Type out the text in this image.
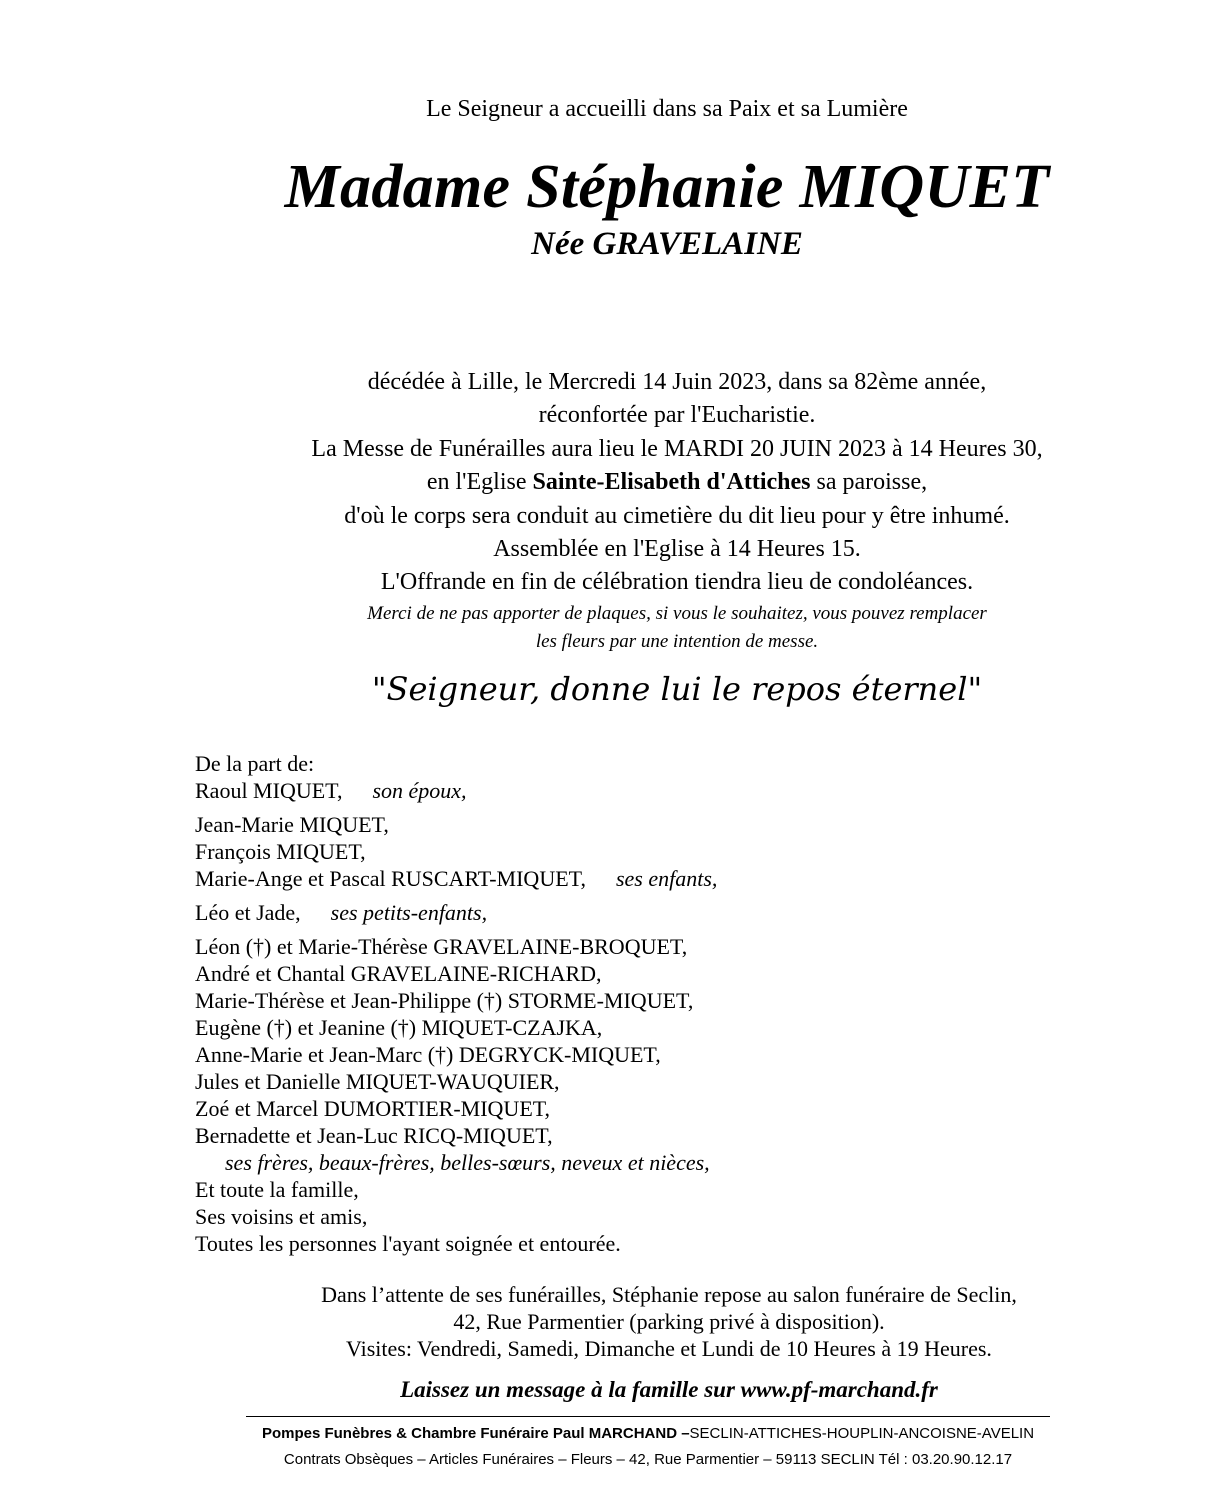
Le Seigneur a accueilli dans sa Paix et sa Lumière

Madame Stéphanie MIQUET

Née GRAVELAINE

décédée à Lille, le Mercredi 14 Juin 2023, dans sa 82ème année,
réconfortée par l'Eucharistie.
La Messe de Funérailles aura lieu le MARDI 20 JUIN 2023 à 14 Heures 30,
en l'Eglise Sainte-Elisabeth d'Attiches sa paroisse,
d'où le corps sera conduit au cimetière du dit lieu pour y être inhumé.
Assemblée en l'Eglise à 14 Heures 15.
L'Offrande en fin de célébration tiendra lieu de condoléances.
Merci de ne pas apporter de plaques, si vous le souhaitez, vous pouvez remplacer
les fleurs par une intention de messe.

"Seigneur, donne lui le repos éternel"

De la part de:
Raoul MIQUET, son époux,
Jean-Marie MIQUET,
François MIQUET,
Marie-Ange et Pascal RUSCART-MIQUET, ses enfants,
Léo et Jade, ses petits-enfants,
Léon (†) et Marie-Thérèse GRAVELAINE-BROQUET,
André et Chantal GRAVELAINE-RICHARD,
Marie-Thérèse et Jean-Philippe (†) STORME-MIQUET,
Eugène (†) et Jeanine (†) MIQUET-CZAJKA,
Anne-Marie et Jean-Marc (†) DEGRYCK-MIQUET,
Jules et Danielle MIQUET-WAUQUIER,
Zoé et Marcel DUMORTIER-MIQUET,
Bernadette et Jean-Luc RICQ-MIQUET,
ses frères, beaux-frères, belles-sœurs, neveux et nièces,
Et toute la famille,
Ses voisins et amis,
Toutes les personnes l'ayant soignée et entourée.
Dans l’attente de ses funérailles, Stéphanie repose au salon funéraire de Seclin,
42, Rue Parmentier (parking privé à disposition).
Visites: Vendredi, Samedi, Dimanche et Lundi de 10 Heures à 19 Heures.

Laissez un message à la famille sur www.pf-marchand.fr

Pompes Funèbres & Chambre Funéraire Paul MARCHAND –SECLIN-ATTICHES-HOUPLIN-ANCOISNE-AVELIN

Contrats Obsèques – Articles Funéraires – Fleurs – 42, Rue Parmentier – 59113 SECLIN Tél : 03.20.90.12.17
